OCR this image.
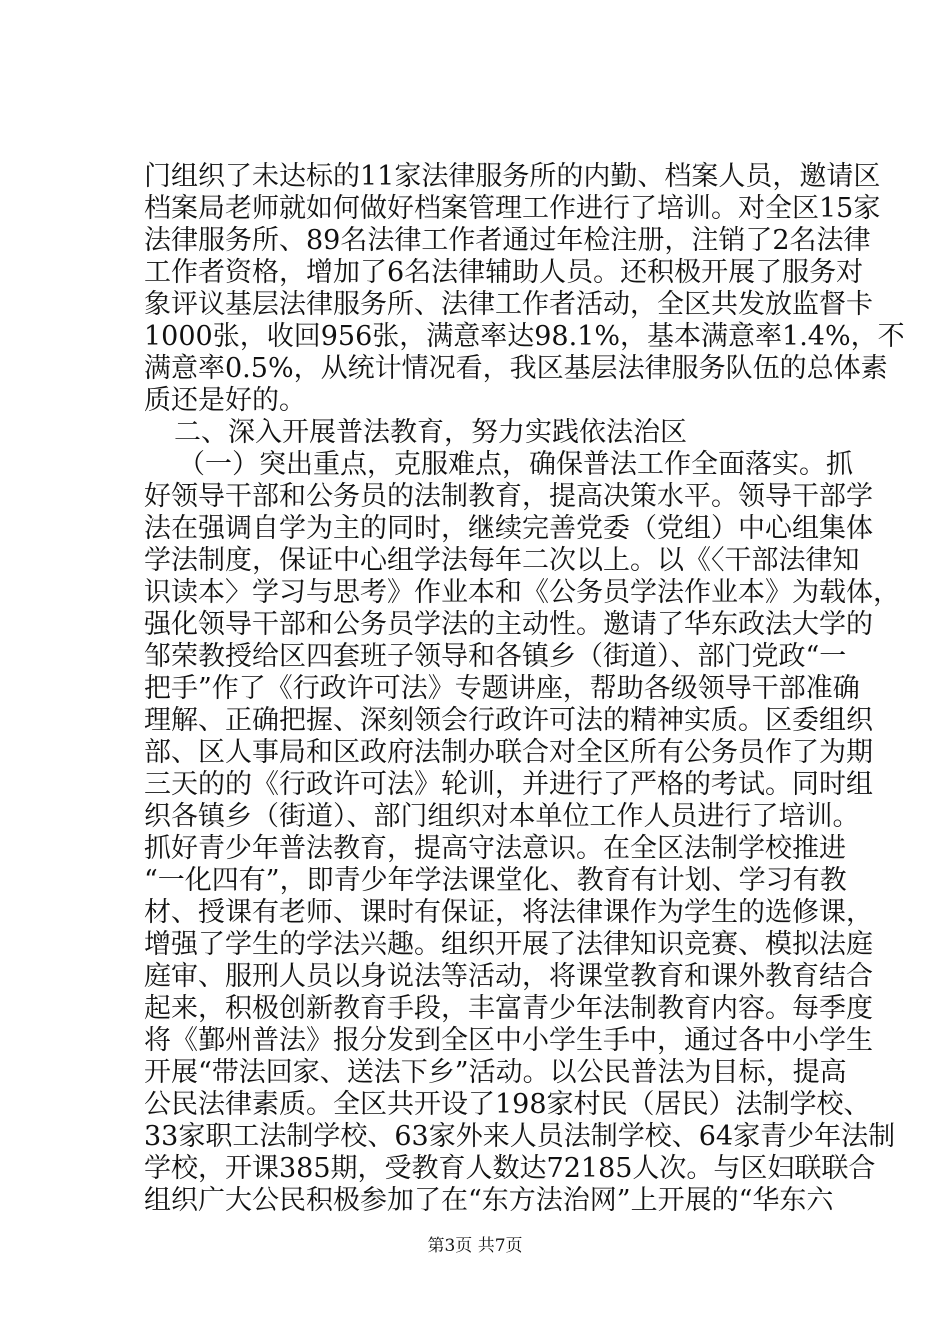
门组织了未达标的11家法律服务所的内勤、档案人员，邀请区
档案局老师就如何做好档案管理工作进行了培训。对全区15家
法律服务所、89名法律工作者通过年检注册，注销了2名法律
工作者资格，增加了6名法律辅助人员。还积极开展了服务对
象评议基层法律服务所、法律工作者活动，全区共发放监督卡
1000张，收回956张，满意率达98.1%，基本满意率1.4%，不
满意率0.5%，从统计情况看，我区基层法律服务队伍的总体素
质还是好的。
二、深入开展普法教育，努力实践依法治区
（一）突出重点，克服难点，确保普法工作全面落实。抓
好领导干部和公务员的法制教育，提高决策水平。领导干部学
法在强调自学为主的同时，继续完善党委（党组）中心组集体
学法制度，保证中心组学法每年二次以上。以《〈干部法律知
识读本〉学习与思考》作业本和《公务员学法作业本》为载体，
强化领导干部和公务员学法的主动性。邀请了华东政法大学的
邹荣教授给区四套班子领导和各镇乡（街道）、部门党政“一
把手”作了《行政许可法》专题讲座，帮助各级领导干部准确
理解、正确把握、深刻领会行政许可法的精神实质。区委组织
部、区人事局和区政府法制办联合对全区所有公务员作了为期
三天的的《行政许可法》轮训，并进行了严格的考试。同时组
织各镇乡（街道）、部门组织对本单位工作人员进行了培训。
抓好青少年普法教育，提高守法意识。在全区法制学校推进
“一化四有”，即青少年学法课堂化、教育有计划、学习有教
材、授课有老师、课时有保证，将法律课作为学生的选修课，
增强了学生的学法兴趣。组织开展了法律知识竞赛、模拟法庭
庭审、服刑人员以身说法等活动，将课堂教育和课外教育结合
起来，积极创新教育手段，丰富青少年法制教育内容。每季度
将《鄞州普法》报分发到全区中小学生手中，通过各中小学生
开展“带法回家、送法下乡”活动。以公民普法为目标，提高
公民法律素质。全区共开设了198家村民（居民）法制学校、
33家职工法制学校、63家外来人员法制学校、64家青少年法制
学校，开课385期，受教育人数达72185人次。与区妇联联合
组织广大公民积极参加了在“东方法治网”上开展的“华东六
第3页 共7页
